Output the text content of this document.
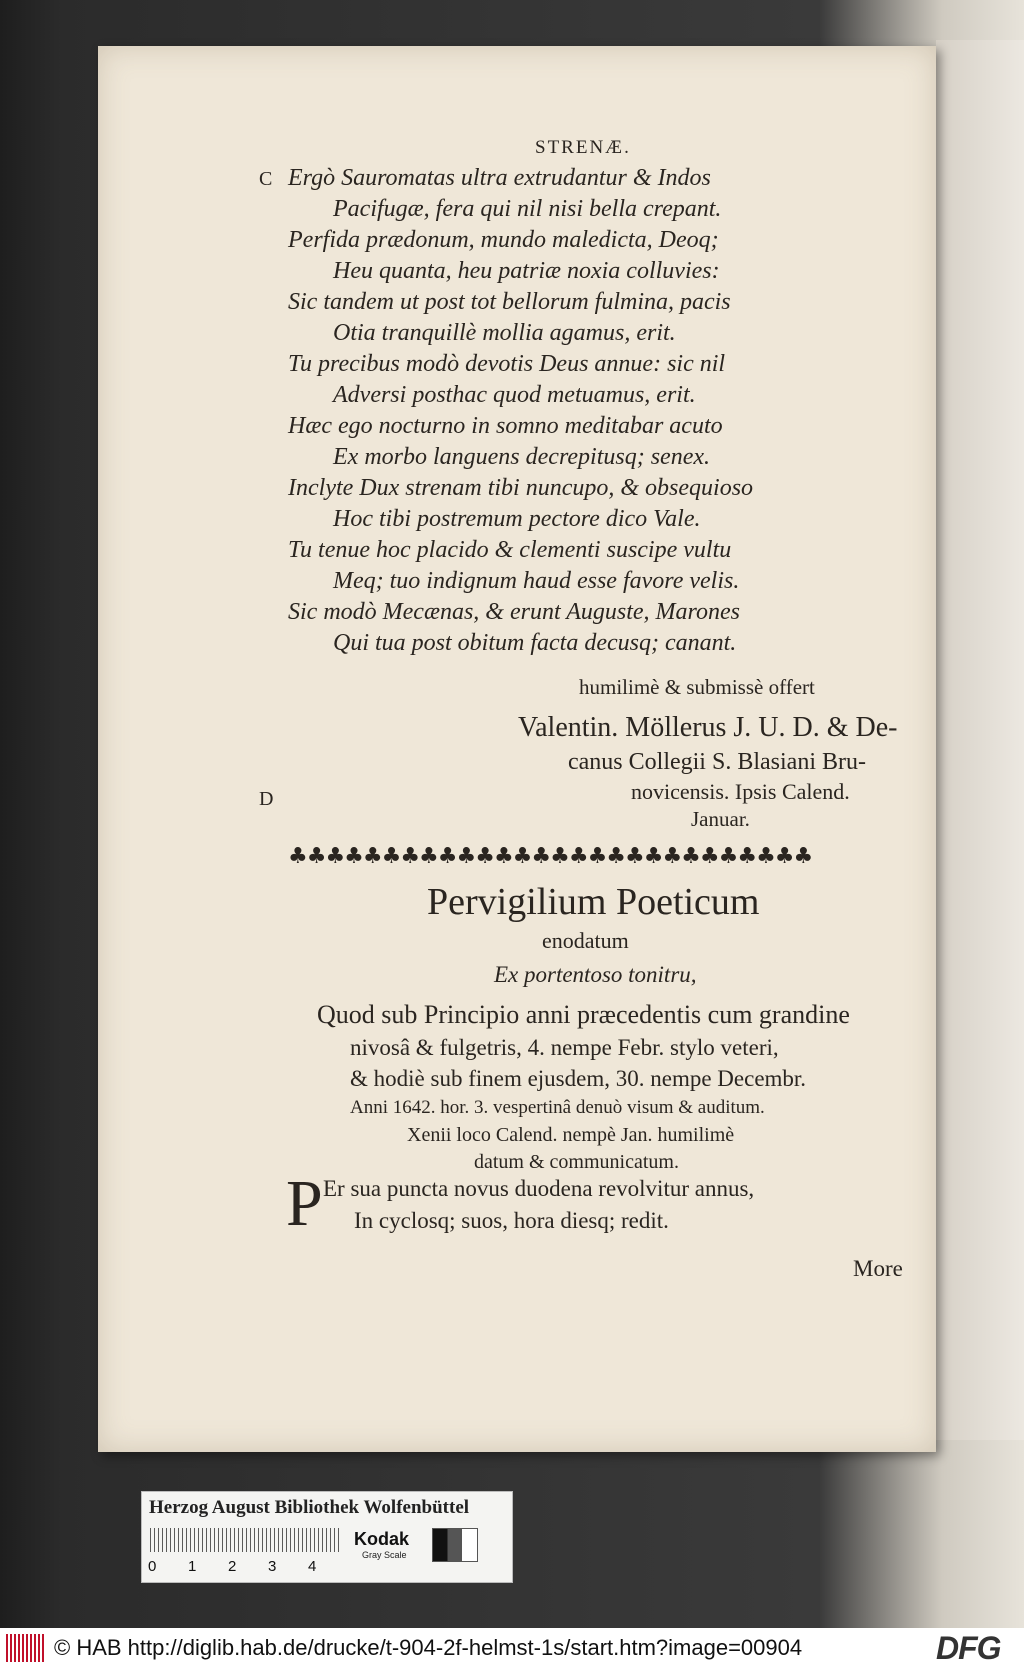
STRENÆ.
C
D
Ergò Sauromatas ultra extrudantur & Indos
Pacifugæ, fera qui nil nisi bella crepant.
Perfida prædonum, mundo maledicta, Deoq;
Heu quanta, heu patriæ noxia colluvies:
Sic tandem ut post tot bellorum fulmina, pacis
Otia tranquillè mollia agamus, erit.
Tu precibus modò devotis Deus annue: sic nil
Adversi posthac quod metuamus, erit.
Hæc ego nocturno in somno meditabar acuto
Ex morbo languens decrepitusq; senex.
Inclyte Dux strenam tibi nuncupo, & obsequioso
Hoc tibi postremum pectore dico Vale.
Tu tenue hoc placido & clementi suscipe vultu
Meq; tuo indignum haud esse favore velis.
Sic modò Mecænas, & erunt Auguste, Marones
Qui tua post obitum facta decusq; canant.
humilimè & submissè offert
Valentin. Möllerus J. U. D. & De-
canus Collegii S. Blasiani Bru-
novicensis. Ipsis Calend.
Januar.
♣♣♣♣♣♣♣♣♣♣♣♣♣♣♣♣♣♣♣♣♣♣♣♣♣♣♣♣
Pervigilium Poeticum
enodatum
Ex portentoso tonitru,
Quod sub Principio anni præcedentis cum grandine
nivosâ & fulgetris, 4. nempe Febr. stylo veteri,
& hodiè sub finem ejusdem, 30. nempe Decembr.
Anni 1642. hor. 3. vespertinâ denuò visum & auditum.
Xenii loco Calend. nempè Jan. humilimè
datum & communicatum.
P Er sua puncta novus duodena revolvitur annus,
In cyclosq; suos, hora diesq; redit.
More
Herzog August Bibliothek Wolfenbüttel
0 1 2 3 4
Kodak
Gray Scale
© HAB http://diglib.hab.de/drucke/t-904-2f-helmst-1s/start.htm?image=00904	DFG
